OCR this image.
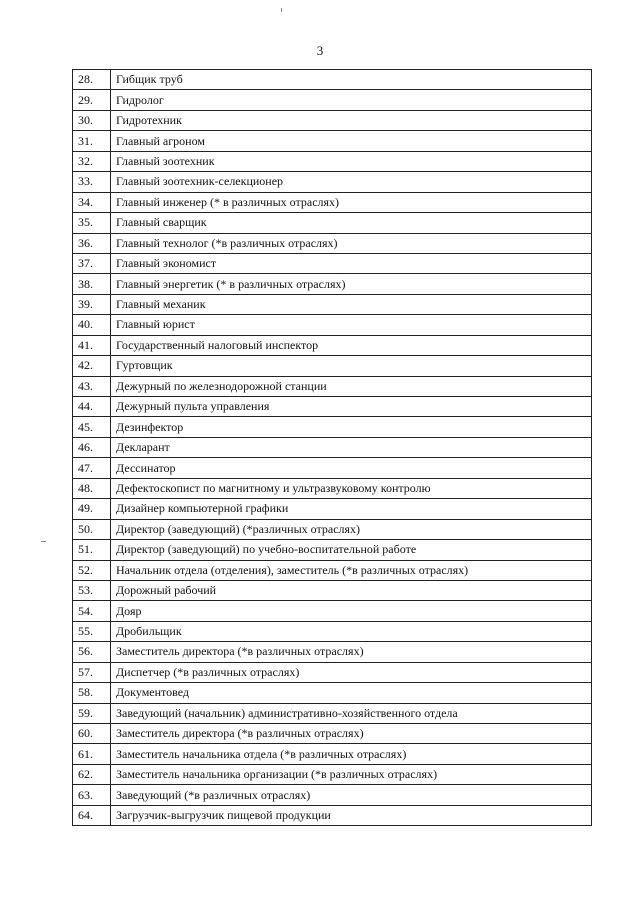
3
28.	Гибщик труб
29.	Гидролог
30.	Гидротехник
31.	Главный агроном
32.	Главный зоотехник
33.	Главный зоотехник-селекционер
34.	Главный инженер (* в различных отраслях)
35.	Главный сварщик
36.	Главный технолог (*в различных отраслях)
37.	Главный экономист
38.	Главный энергетик (* в различных отраслях)
39.	Главный механик
40.	Главный юрист
41.	Государственный налоговый инспектор
42.	Гуртовщик
43.	Дежурный по железнодорожной станции
44.	Дежурный пульта управления
45.	Дезинфектор
46.	Декларант
47.	Дессинатор
48.	Дефектоскопист по магнитному и ультразвуковому контролю
49.	Дизайнер компьютерной графики
50.	Директор (заведующий) (*различных отраслях)
51.	Директор (заведующий) по учебно-воспитательной работе
52.	Начальник отдела (отделения), заместитель (*в различных отраслях)
53.	Дорожный рабочий
54.	Дояр
55.	Дробильщик
56.	Заместитель директора (*в различных отраслях)
57.	Диспетчер (*в различных отраслях)
58.	Документовед
59.	Заведующий (начальник) административно-хозяйственного отдела
60.	Заместитель директора (*в различных отраслях)
61.	Заместитель начальника отдела (*в различных отраслях)
62.	Заместитель начальника организации (*в различных отраслях)
63.	Заведующий (*в различных отраслях)
64.	Загрузчик-выгрузчик пищевой продукции
